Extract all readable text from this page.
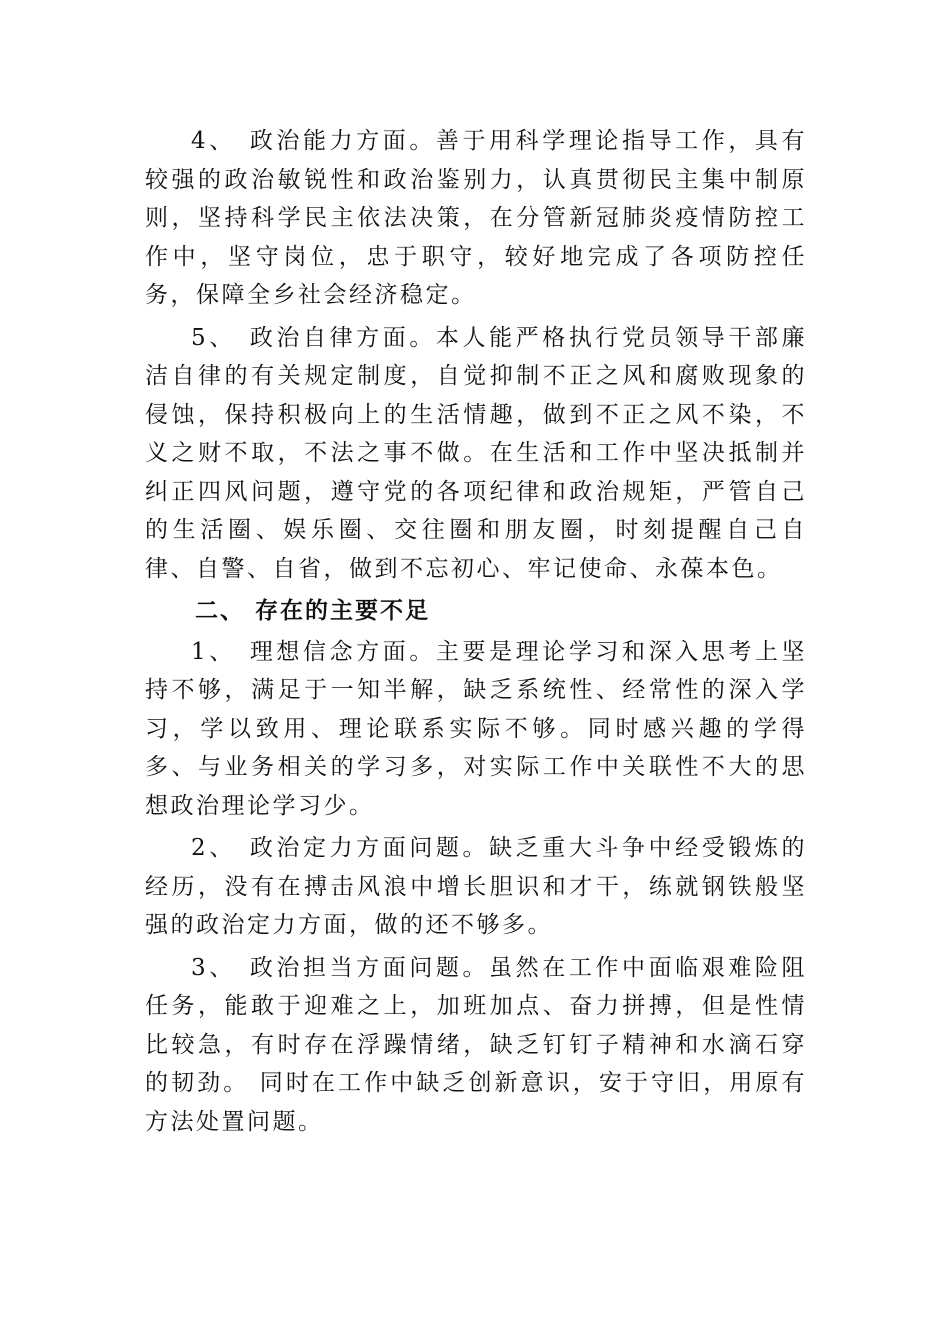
4、 政治能力方面。善于用科学理论指导工作，具有较强的政治敏锐性和政治鉴别力，认真贯彻民主集中制原则，坚持科学民主依法决策，在分管新冠肺炎疫情防控工作中，坚守岗位，忠于职守，较好地完成了各项防控任务，保障全乡社会经济稳定。

5、 政治自律方面。本人能严格执行党员领导干部廉洁自律的有关规定制度，自觉抑制不正之风和腐败现象的侵蚀，保持积极向上的生活情趣，做到不正之风不染，不义之财不取，不法之事不做。在生活和工作中坚决抵制并纠正四风问题，遵守党的各项纪律和政治规矩，严管自己的生活圈、娱乐圈、交往圈和朋友圈，时刻提醒自己自律、自警、自省，做到不忘初心、牢记使命、永葆本色。

二、 存在的主要不足

1、 理想信念方面。主要是理论学习和深入思考上坚持不够，满足于一知半解，缺乏系统性、经常性的深入学习，学以致用、理论联系实际不够。同时感兴趣的学得多、与业务相关的学习多，对实际工作中关联性不大的思想政治理论学习少。

2、 政治定力方面问题。缺乏重大斗争中经受锻炼的经历，没有在搏击风浪中增长胆识和才干，练就钢铁般坚强的政治定力方面，做的还不够多。

3、 政治担当方面问题。虽然在工作中面临艰难险阻任务，能敢于迎难之上，加班加点、奋力拼搏，但是性情比较急，有时存在浮躁情绪，缺乏钉钉子精神和水滴石穿的韧劲。 同时在工作中缺乏创新意识，安于守旧，用原有方法处置问题。
